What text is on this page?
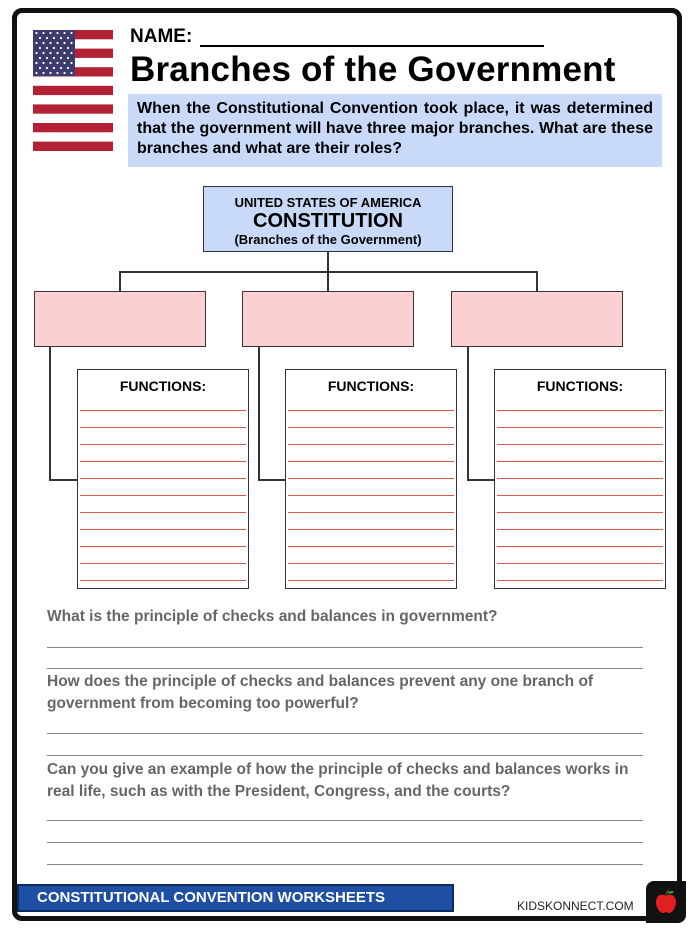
NAME:
Branches of the Government
When the Constitutional Convention took place, it was determined that the government will have three major branches. What are these branches and what are their roles?
UNITED STATES OF AMERICA
CONSTITUTION
(Branches of the Government)
FUNCTIONS:	FUNCTIONS:	FUNCTIONS:
What is the principle of checks and balances in government?
How does the principle of checks and balances prevent any one branch of government from becoming too powerful?
Can you give an example of how the principle of checks and balances works in real life, such as with the President, Congress, and the courts?
CONSTITUTIONAL CONVENTION WORKSHEETS	KIDSKONNECT.COM
